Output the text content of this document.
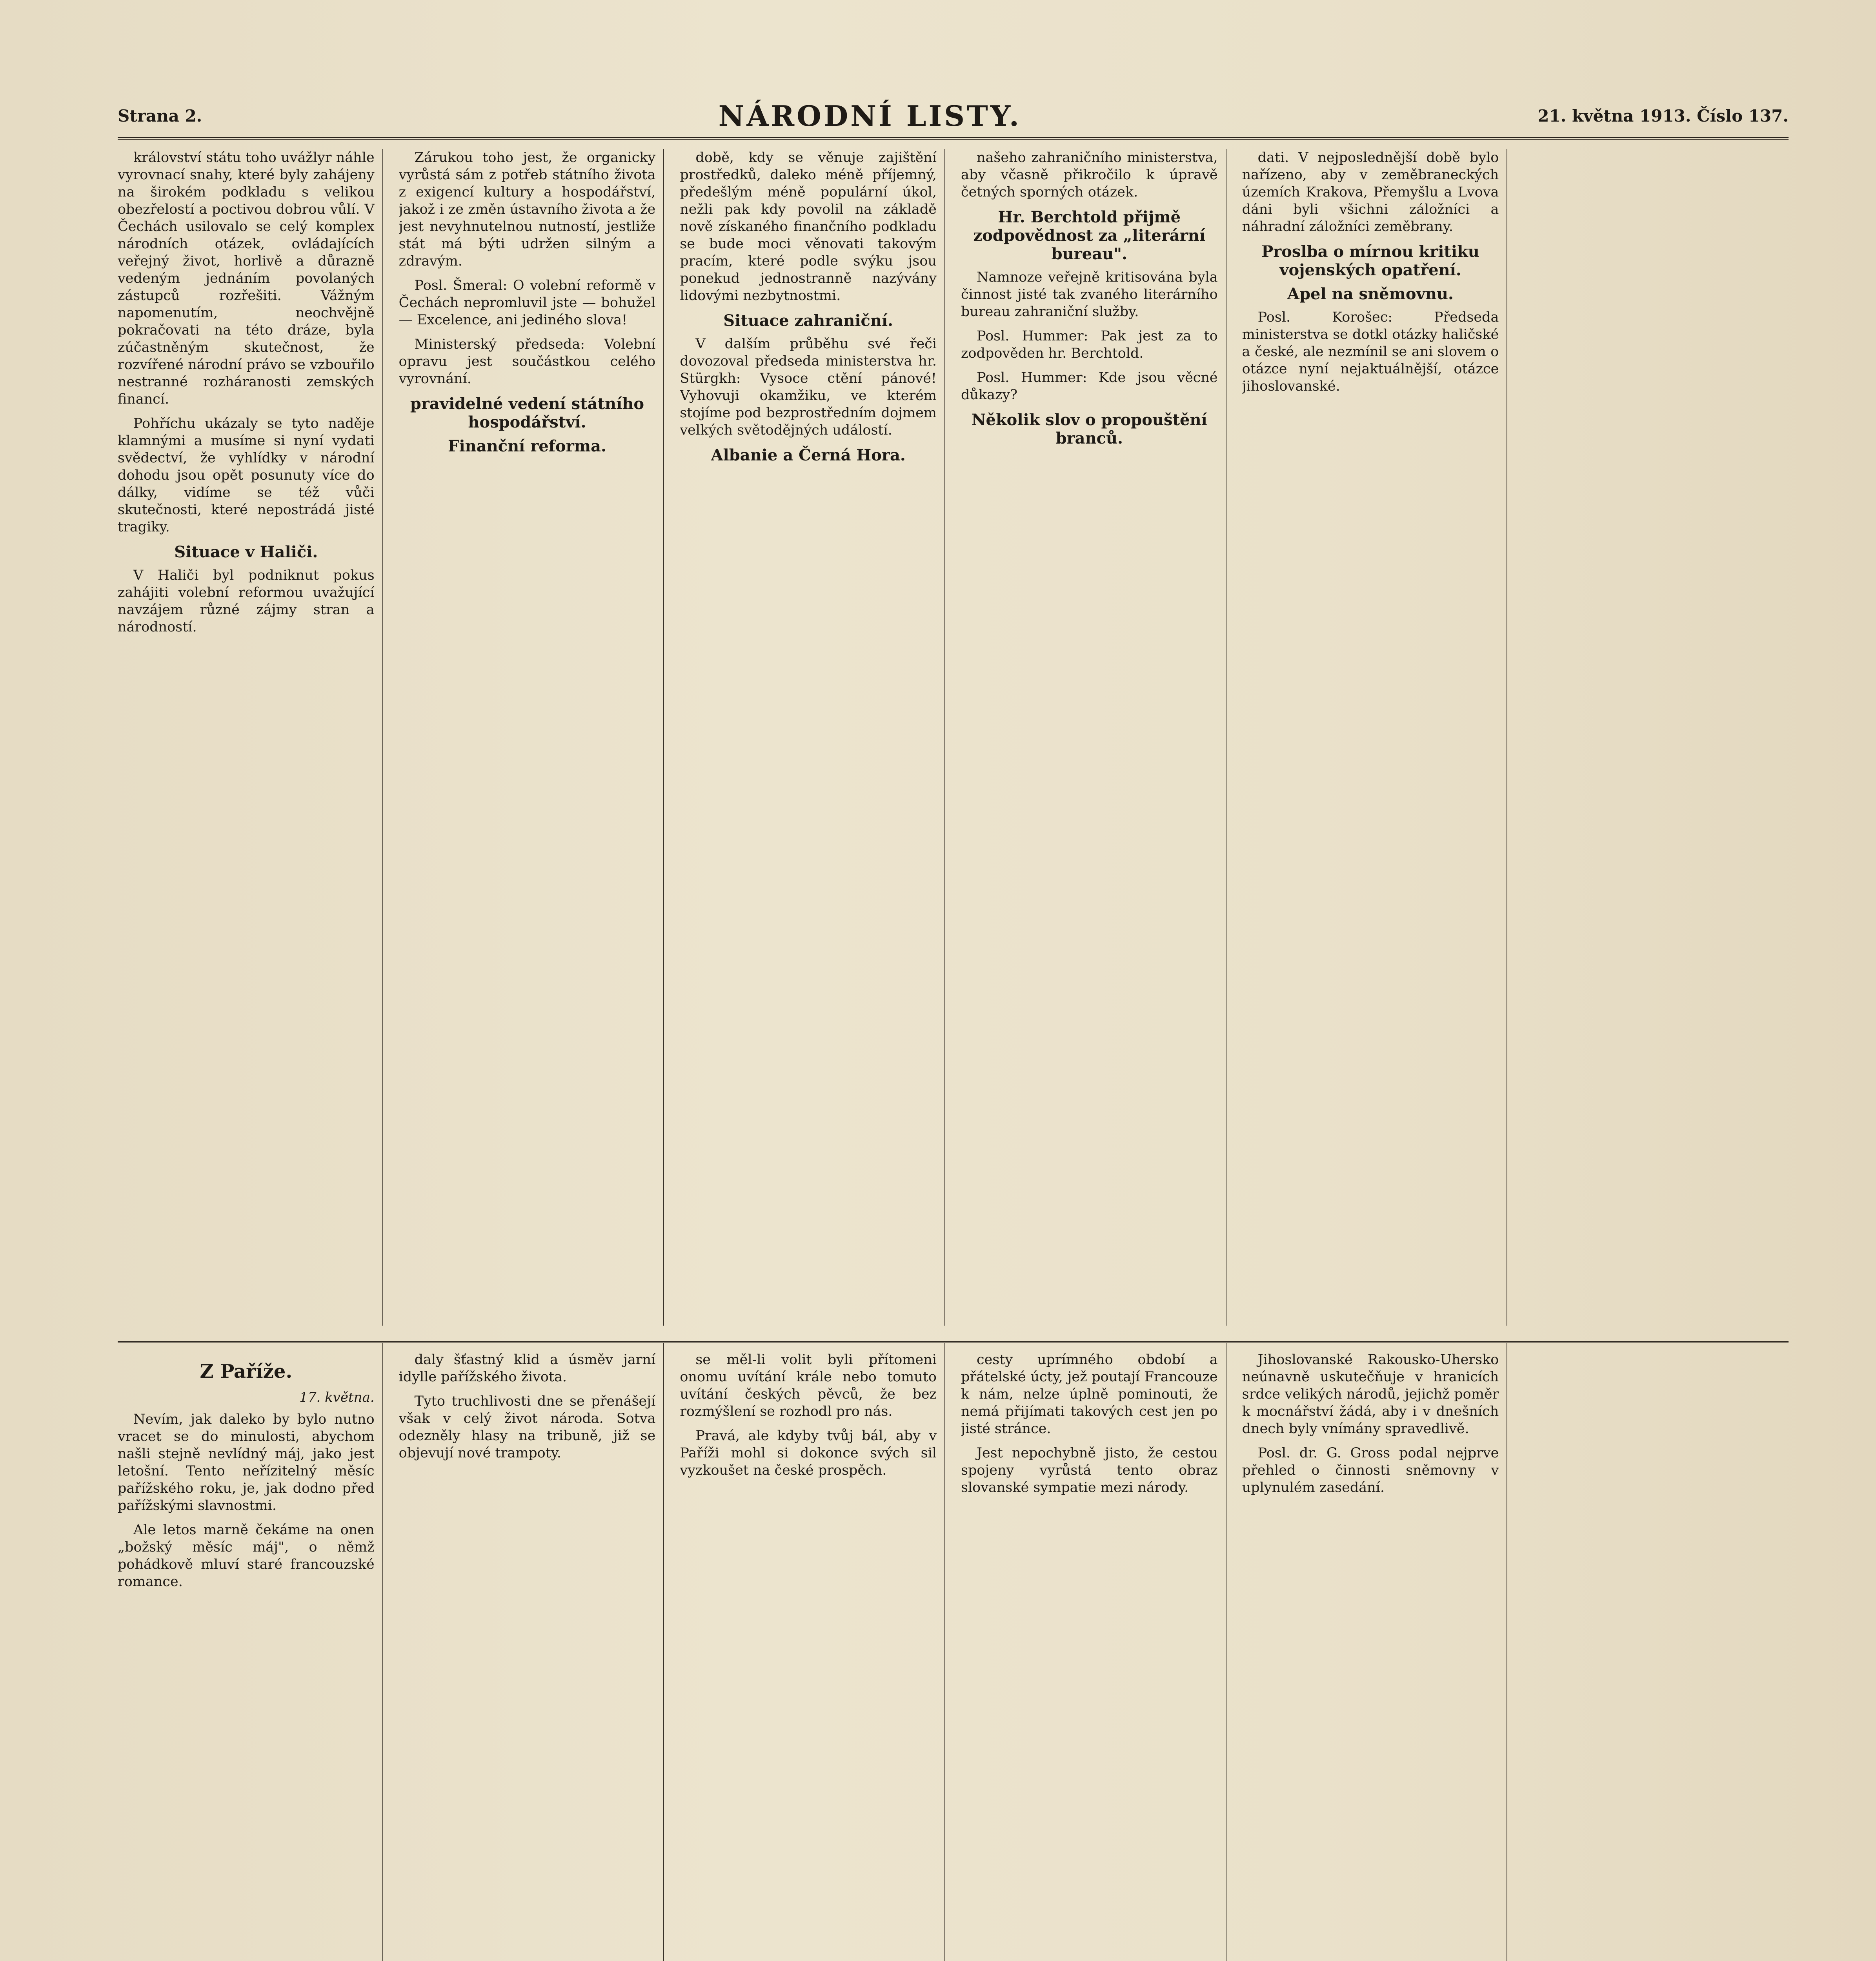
Strana 2.	NÁRODNÍ LISTY.	21. května 1913. Číslo 137.

království státu toho uvážlyr náhle vyrovnací snahy, které byly zahájeny na širokém podkladu s velikou obezřelostí a poctivou dobrou vůlí. V Čechách usilovalo se celý komplex národních otázek, ovládajících veřejný život, horlivě a důrazně vedeným jednáním povolaných zástupců rozřešiti. Vážným napomenutím, neochvějně pokračovati na této dráze, byla zúčastněným skutečnost, že rozvířené národní právo se vzbouřilo nestranné rozháranosti zemských financí.

Pohříchu ukázaly se tyto naděje klamnými a musíme si nyní vydati svědectví, že vyhlídky v národní dohodu jsou opět posunuty více do dálky, vidíme se též vůči skutečnosti, které nepostrádá jisté tragiky.

Situace v Haliči.

V Haliči byl podniknut pokus zahájiti volební reformou uvažující navzájem různé zájmy stran a národností.

Zárukou toho jest, že organicky vyrůstá sám z potřeb státního života z exigencí kultury a hospodářství, jakož i ze změn ústavního života a že jest nevyhnutelnou nutností, jestliže stát má býti udržen silným a zdravým.

Posl. Šmeral: O volební reformě v Čechách nepromluvil jste — bohužel — Excelence, ani jediného slova!

Ministerský předseda: Volební opravu jest součástkou celého vyrovnání.

pravidelné vedení státního hospodářství.
Finanční reforma.

době, kdy se věnuje zajištění prostředků, daleko méně příjemný, předešlým méně populární úkol, nežli pak kdy povolil na základě nově získaného finančního podkladu se bude moci věnovati takovým pracím, které podle svýku jsou ponekud jednostranně nazývány lidovými nezbytnostmi.

Situace zahraniční.

V dalším průběhu své řeči dovozoval předseda ministerstva hr. Stürgkh: Vysoce ctění pánové! Vyhovuji okamžiku, ve kterém stojíme pod bezprostředním dojmem velkých světodějných událostí.

Albanie a Černá Hora.

našeho zahraničního ministerstva, aby včasně přikročilo k úpravě četných sporných otázek.

Hr. Berchtold přijmě zodpovědnost za „literární bureau".

Namnoze veřejně kritisována byla činnost jisté tak zvaného literárního bureau zahraniční služby.

Posl. Hummer: Pak jest za to zodpověden hr. Berchtold.

Posl. Hummer: Kde jsou věcné důkazy?

Několik slov o propouštění branců.

dati. V nejposlednější době bylo nařízeno, aby v zeměbraneckých územích Krakova, Přemyšlu a Lvova dáni byli všichni záložníci a náhradní záložníci zeměbrany.

Proslba o mírnou kritiku vojenských opatření.
Apel na sněmovnu.

Posl. Korošec: Předseda ministerstva se dotkl otázky haličské a české, ale nezmínil se ani slovem o otázce nyní nejaktuálnější, otázce jihoslovanské.

Z Paříže.

17. května.

Nevím, jak daleko by bylo nutno vracet se do minulosti, abychom našli stejně nevlídný máj, jako jest letošní. Tento neřízitelný měsíc pařížského roku, je, jak dodno před pařížskými slavnostmi.

Ale letos marně čekáme na onen „božský měsíc máj", o němž pohádkově mluví staré francouzské romance.

daly šťastný klid a úsměv jarní idylle pařížského života.

Tyto truchlivosti dne se přenášejí však v celý život národa. Sotva odezněly hlasy na tribuně, již se objevují nové trampoty.

se měl-li volit byli přítomeni onomu uvítání krále nebo tomuto uvítání českých pěvců, že bez rozmýšlení se rozhodl pro nás.

Pravá, ale kdyby tvůj bál, aby v Paříži mohl si dokonce svých sil vyzkoušet na české prospěch.

cesty uprímného období a přátelské úcty, jež poutají Francouze k nám, nelze úplně pominouti, že nemá přijímati takových cest jen po jisté stránce.

Jest nepochybně jisto, že cestou spojeny vyrůstá tento obraz slovanské sympatie mezi národy.

Jihoslovanské Rakousko-Uhersko neúnavně uskutečňuje v hranicích srdce velikých národů, jejichž poměr k mocnářství žádá, aby i v dnešních dnech byly vnímány spravedlivě.

Posl. dr. G. Gross podal nejprve přehled o činnosti sněmovny v uplynulém zasedání.
